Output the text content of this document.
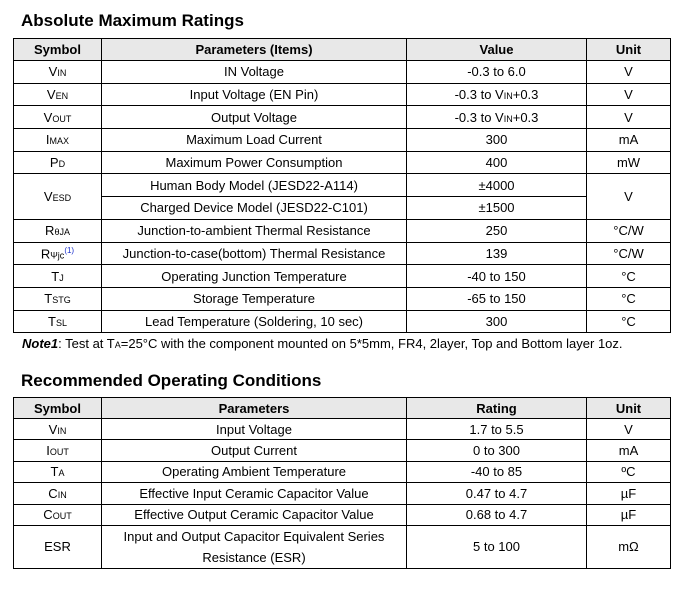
Absolute Maximum Ratings
Symbol	Parameters (Items)	Value	Unit
VIN	IN Voltage	-0.3 to 6.0	V
VEN	Input Voltage (EN Pin)	-0.3 to VIN+0.3	V
VOUT	Output Voltage	-0.3 to VIN+0.3	V
IMAX	Maximum Load Current	300	mA
PD	Maximum Power Consumption	400	mW
VESD	Human Body Model (JESD22-A114)	±4000	V
	Charged Device Model (JESD22-C101)	±1500	
RθJA	Junction-to-ambient Thermal Resistance	250	°C/W
RΨjc$^{(1)}$	Junction-to-case(bottom) Thermal Resistance	139	°C/W
TJ	Operating Junction Temperature	-40 to 150	°C
TSTG	Storage Temperature	-65 to 150	°C
TSL	Lead Temperature (Soldering, 10 sec)	300	°C
Note1: Test at TA=25°C with the component mounted on 5*5mm, FR4, 2layer, Top and Bottom layer 1oz.
Recommended Operating Conditions
Symbol	Parameters	Rating	Unit
VIN	Input Voltage	1.7 to 5.5	V
IOUT	Output Current	0 to 300	mA
TA	Operating Ambient Temperature	-40 to 85	ºC
CIN	Effective Input Ceramic Capacitor Value	0.47 to 4.7	µF
COUT	Effective Output Ceramic Capacitor Value	0.68 to 4.7	µF
ESR	Input and Output Capacitor Equivalent Series Resistance (ESR)	5 to 100	mΩ
